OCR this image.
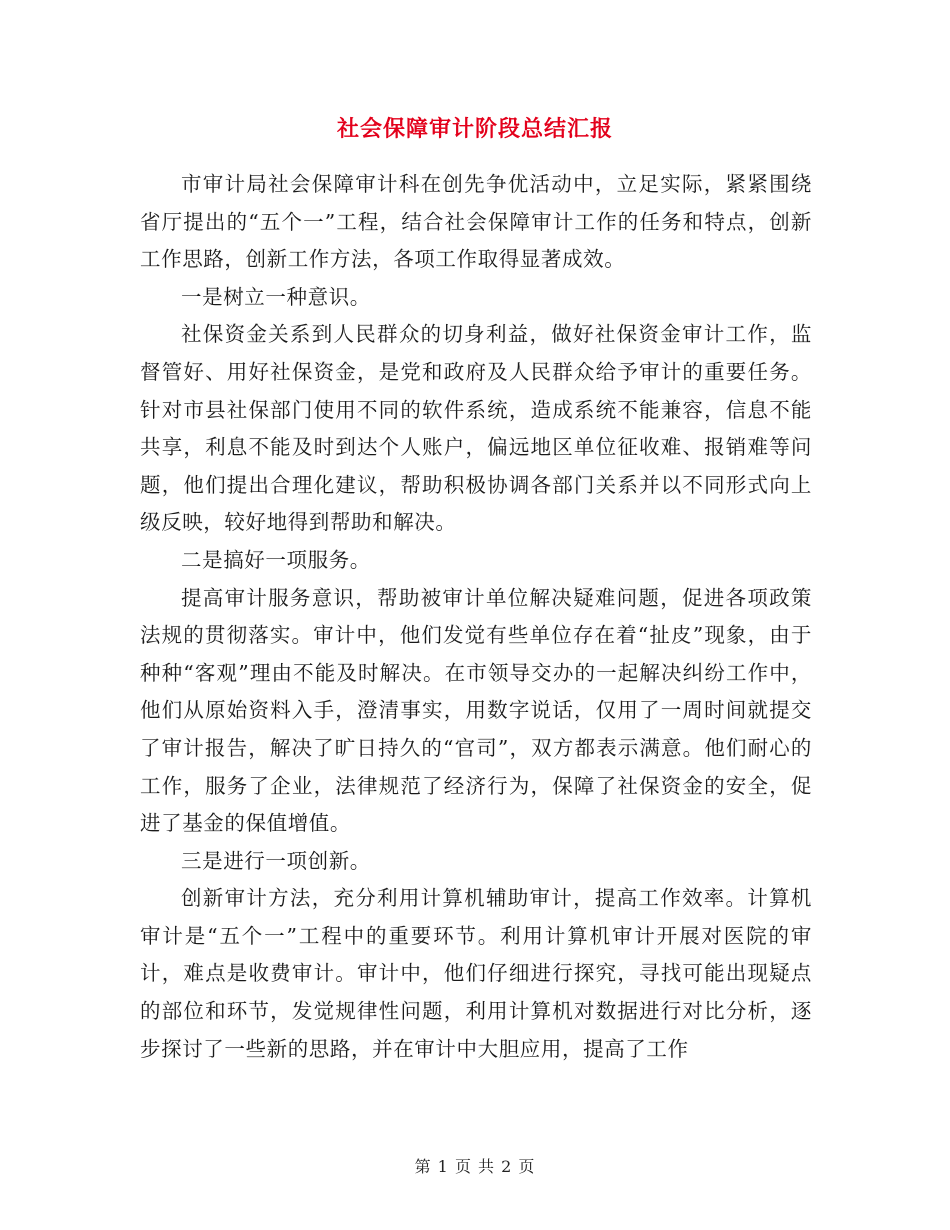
社会保障审计阶段总结汇报

市审计局社会保障审计科在创先争优活动中，立足实际，紧紧围绕省厅提出的“五个一”工程，结合社会保障审计工作的任务和特点，创新工作思路，创新工作方法，各项工作取得显著成效。

一是树立一种意识。

社保资金关系到人民群众的切身利益，做好社保资金审计工作，监督管好、用好社保资金，是党和政府及人民群众给予审计的重要任务。针对市县社保部门使用不同的软件系统，造成系统不能兼容，信息不能共享，利息不能及时到达个人账户，偏远地区单位征收难、报销难等问题，他们提出合理化建议，帮助积极协调各部门关系并以不同形式向上级反映，较好地得到帮助和解决。

二是搞好一项服务。

提高审计服务意识，帮助被审计单位解决疑难问题，促进各项政策法规的贯彻落实。审计中，他们发觉有些单位存在着“扯皮”现象，由于种种“客观”理由不能及时解决。在市领导交办的一起解决纠纷工作中，他们从原始资料入手，澄清事实，用数字说话，仅用了一周时间就提交了审计报告，解决了旷日持久的“官司”，双方都表示满意。他们耐心的工作，服务了企业，法律规范了经济行为，保障了社保资金的安全，促进了基金的保值增值。

三是进行一项创新。

创新审计方法，充分利用计算机辅助审计，提高工作效率。计算机审计是“五个一”工程中的重要环节。利用计算机审计开展对医院的审计，难点是收费审计。审计中，他们仔细进行探究，寻找可能出现疑点的部位和环节，发觉规律性问题，利用计算机对数据进行对比分析，逐步探讨了一些新的思路，并在审计中大胆应用，提高了工作

第 1 页 共 2 页
